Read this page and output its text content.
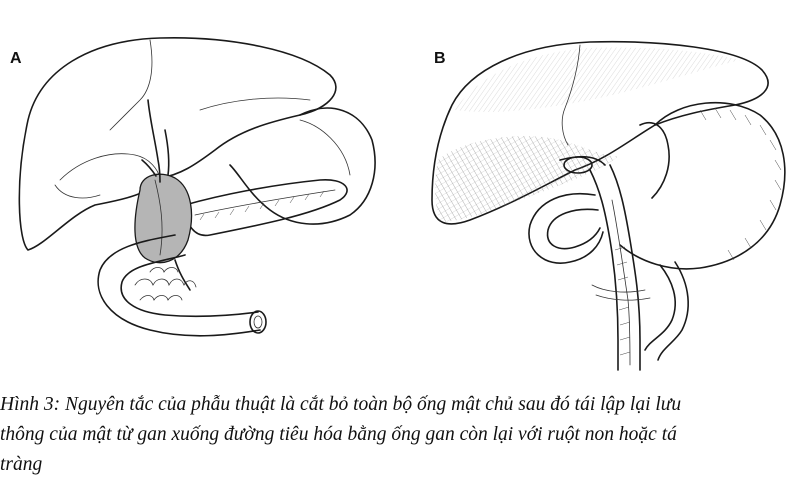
A	B
Hình 3: Nguyên tắc của phẫu thuật là cắt bỏ toàn bộ ống mật chủ sau đó tái lập lại lưu
thông của mật từ gan xuống đường tiêu hóa bằng ống gan còn lại với ruột non hoặc tá
tràng
